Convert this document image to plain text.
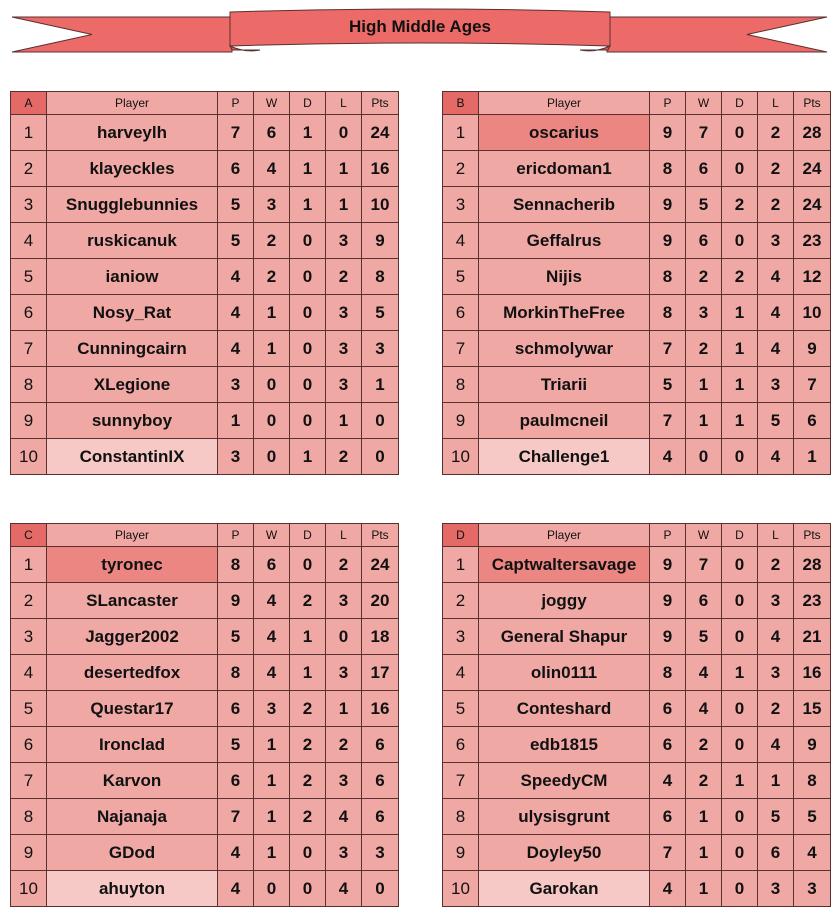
High Middle Ages
A	Player	P	W	D	L	Pts
1	harveylh	7	6	1	0	24
2	klayeckles	6	4	1	1	16
3	Snugglebunnies	5	3	1	1	10
4	ruskicanuk	5	2	0	3	9
5	ianiow	4	2	0	2	8
6	Nosy_Rat	4	1	0	3	5
7	Cunningcairn	4	1	0	3	3
8	XLegione	3	0	0	3	1
9	sunnyboy	1	0	0	1	0
10	ConstantinIX	3	0	1	2	0
B	Player	P	W	D	L	Pts
1	oscarius	9	7	0	2	28
2	ericdoman1	8	6	0	2	24
3	Sennacherib	9	5	2	2	24
4	Geffalrus	9	6	0	3	23
5	Nijis	8	2	2	4	12
6	MorkinTheFree	8	3	1	4	10
7	schmolywar	7	2	1	4	9
8	Triarii	5	1	1	3	7
9	paulmcneil	7	1	1	5	6
10	Challenge1	4	0	0	4	1
C	Player	P	W	D	L	Pts
1	tyronec	8	6	0	2	24
2	SLancaster	9	4	2	3	20
3	Jagger2002	5	4	1	0	18
4	desertedfox	8	4	1	3	17
5	Questar17	6	3	2	1	16
6	Ironclad	5	1	2	2	6
7	Karvon	6	1	2	3	6
8	Najanaja	7	1	2	4	6
9	GDod	4	1	0	3	3
10	ahuyton	4	0	0	4	0
D	Player	P	W	D	L	Pts
1	Captwaltersavage	9	7	0	2	28
2	joggy	9	6	0	3	23
3	General Shapur	9	5	0	4	21
4	olin0111	8	4	1	3	16
5	Conteshard	6	4	0	2	15
6	edb1815	6	2	0	4	9
7	SpeedyCM	4	2	1	1	8
8	ulysisgrunt	6	1	0	5	5
9	Doyley50	7	1	0	6	4
10	Garokan	4	1	0	3	3
